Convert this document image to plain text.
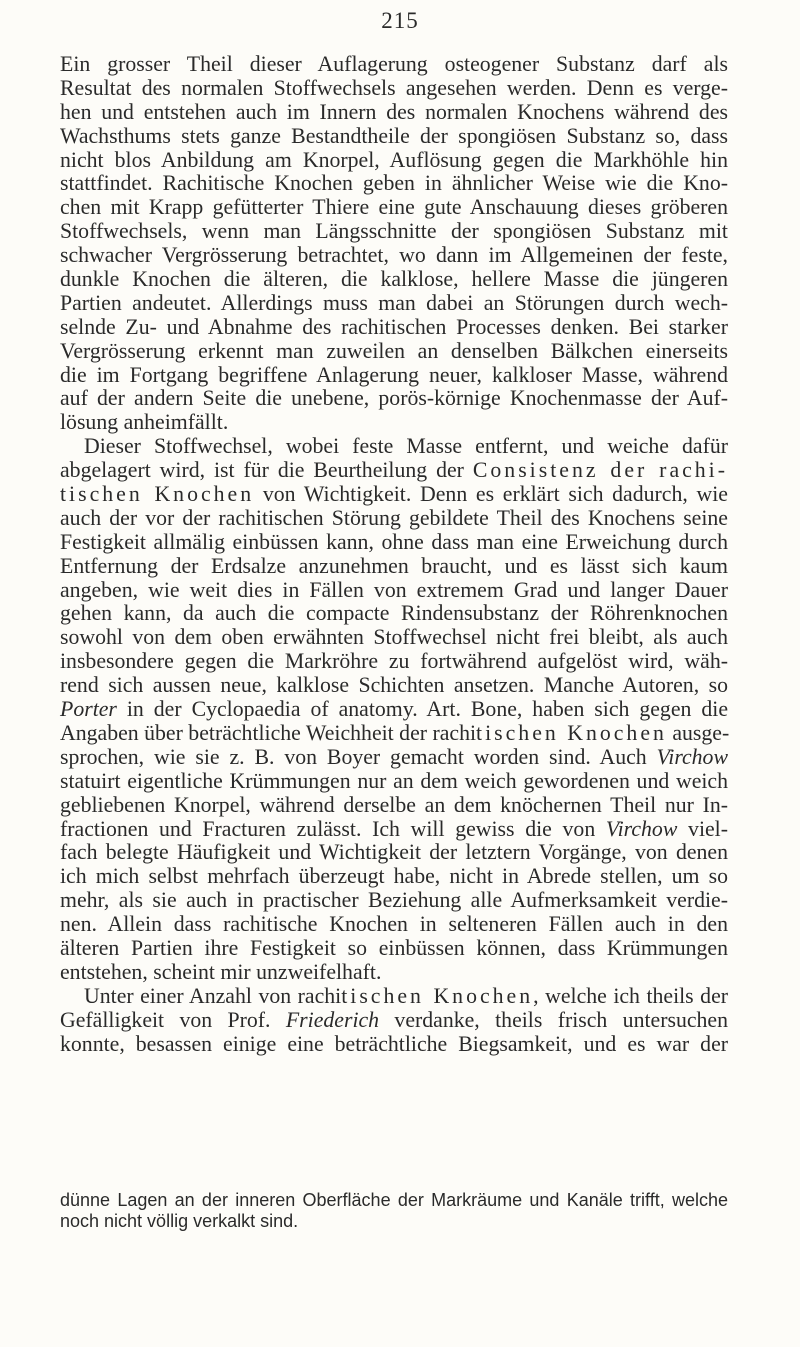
215
Ein grosser Theil dieser Auflagerung osteogener Substanz darf als
Resultat des normalen Stoffwechsels angesehen werden. Denn es verge-
hen und entstehen auch im Innern des normalen Knochens während des
Wachsthums stets ganze Bestandtheile der spongiösen Substanz so, dass
nicht blos Anbildung am Knorpel, Auflösung gegen die Markhöhle hin
stattfindet. Rachitische Knochen geben in ähnlicher Weise wie die Kno-
chen mit Krapp gefütterter Thiere eine gute Anschauung dieses gröberen
Stoffwechsels, wenn man Längsschnitte der spongiösen Substanz mit
schwacher Vergrösserung betrachtet, wo dann im Allgemeinen der feste,
dunkle Knochen die älteren, die kalklose, hellere Masse die jüngeren
Partien andeutet. Allerdings muss man dabei an Störungen durch wech-
selnde Zu- und Abnahme des rachitischen Processes denken. Bei starker
Vergrösserung erkennt man zuweilen an denselben Bälkchen einerseits
die im Fortgang begriffene Anlagerung neuer, kalkloser Masse, während
auf der andern Seite die unebene, porös-körnige Knochenmasse der Auf-
lösung anheimfällt.
Dieser Stoffwechsel, wobei feste Masse entfernt, und weiche dafür
abgelagert wird, ist für die Beurtheilung der Consistenz der rachi-
tischen Knochen von Wichtigkeit. Denn es erklärt sich dadurch, wie
auch der vor der rachitischen Störung gebildete Theil des Knochens seine
Festigkeit allmälig einbüssen kann, ohne dass man eine Erweichung durch
Entfernung der Erdsalze anzunehmen braucht, und es lässt sich kaum
angeben, wie weit dies in Fällen von extremem Grad und langer Dauer
gehen kann, da auch die compacte Rindensubstanz der Röhrenknochen
sowohl von dem oben erwähnten Stoffwechsel nicht frei bleibt, als auch
insbesondere gegen die Markröhre zu fortwährend aufgelöst wird, wäh-
rend sich aussen neue, kalklose Schichten ansetzen. Manche Autoren, so
Porter in der Cyclopaedia of anatomy. Art. Bone, haben sich gegen die
Angaben über beträchtliche Weichheit der rachitischen Knochen ausge-
sprochen, wie sie z. B. von Boyer gemacht worden sind. Auch Virchow
statuirt eigentliche Krümmungen nur an dem weich gewordenen und weich
gebliebenen Knorpel, während derselbe an dem knöchernen Theil nur In-
fractionen und Fracturen zulässt. Ich will gewiss die von Virchow viel-
fach belegte Häufigkeit und Wichtigkeit der letztern Vorgänge, von denen
ich mich selbst mehrfach überzeugt habe, nicht in Abrede stellen, um so
mehr, als sie auch in practischer Beziehung alle Aufmerksamkeit verdie-
nen. Allein dass rachitische Knochen in selteneren Fällen auch in den
älteren Partien ihre Festigkeit so einbüssen können, dass Krümmungen
entstehen, scheint mir unzweifelhaft.
Unter einer Anzahl von rachitischen Knochen, welche ich theils der
Gefälligkeit von Prof. Friederich verdanke, theils frisch untersuchen
konnte, besassen einige eine beträchtliche Biegsamkeit, und es war der
dünne Lagen an der inneren Oberfläche der Markräume und Kanäle trifft, welche
noch nicht völlig verkalkt sind.
